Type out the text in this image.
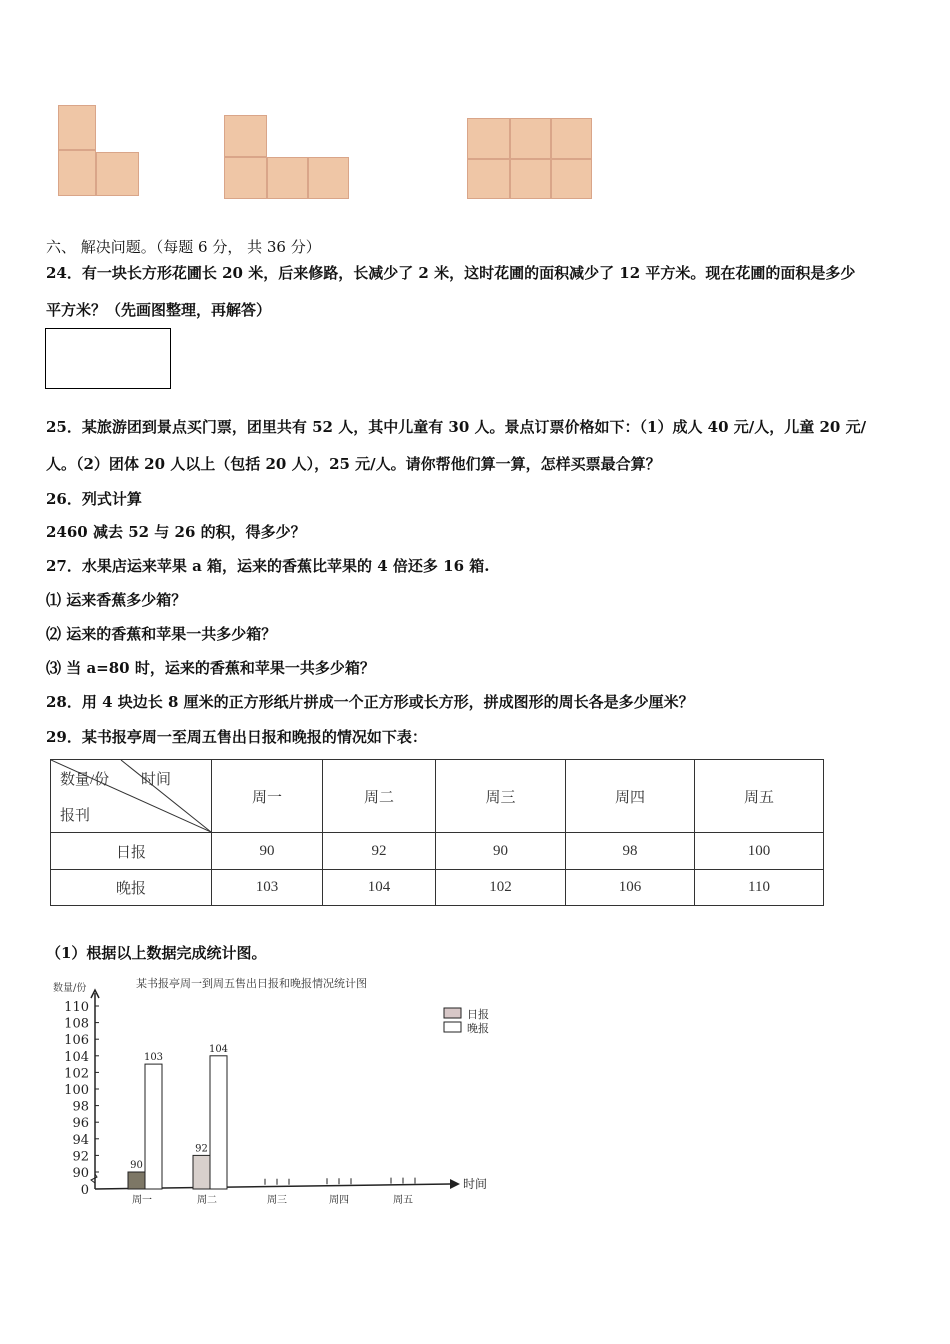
六、 解决问题。（每题 6 分， 共 36 分）
24．有一块长方形花圃长 20 米，后来修路，长减少了 2 米，这时花圃的面积减少了 12 平方米。现在花圃的面积是多少
平方米？（先画图整理，再解答）
25．某旅游团到景点买门票，团里共有 52 人，其中儿童有 30 人。景点订票价格如下：（1）成人 40 元/人，儿童 20 元/
人。（2）团体 20 人以上（包括 20 人），25 元/人。请你帮他们算一算，怎样买票最合算？
26．列式计算
2460 减去 52 与 26 的积，得多少？
27．水果店运来苹果 a 箱，运来的香蕉比苹果的 4 倍还多 16 箱.
⑴ 运来香蕉多少箱？
⑵ 运来的香蕉和苹果一共多少箱？
⑶ 当 a=80 时，运来的香蕉和苹果一共多少箱？
28．用 4 块边长 8 厘米的正方形纸片拼成一个正方形或长方形，拼成图形的周长各是多少厘米？
29．某书报亭周一至周五售出日报和晚报的情况如下表：
数量/份 时间
报刊	周一	周二	周三	周四	周五
日报	90	92	90	98	100
晚报	103	104	102	106	110
（1）根据以上数据完成统计图。
某书报亭周一到周五售出日报和晚报情况统计图
数量/份
时间
0
90
92
94
96
98
100
102
104
106
108
110
周一	周二	周三	周四	周五
90
92
103
104
日报
晚报
